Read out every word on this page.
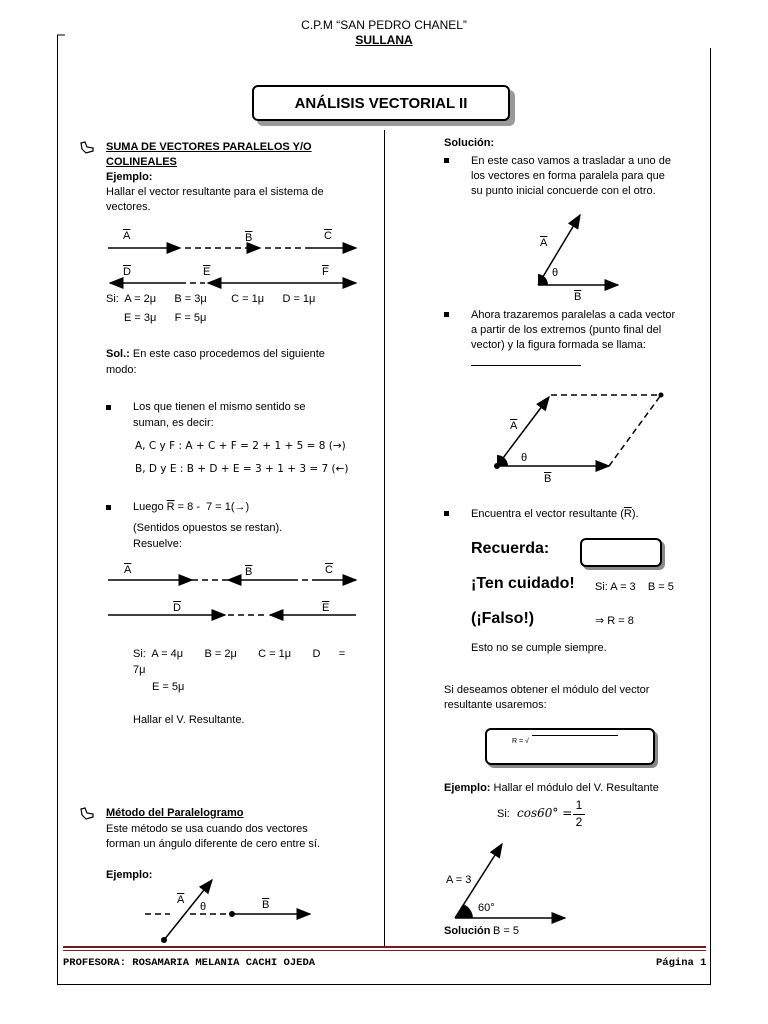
C.P.M “SAN PEDRO CHANEL”
SULLANA
ANÁLISIS VECTORIAL II
SUMA DE VECTORES PARALELOS Y/O
COLINEALES
Ejemplo:
Hallar el vector resultante para el sistema de
vectores.
$\overline{A}$	$\overline{B}$	$\overline{C}$
$\overline{D}$	$\overline{E}$	$\overline{F}$
Si:  A = 2μ      B = 3μ        C = 1μ      D = 1μ
E = 3μ      F = 5μ
Sol.: En este caso procedemos del siguiente
modo:
Los que tienen el mismo sentido se
suman, es decir:
A, C y F : A + C + F = 2 + 1 + 5 = 8 (→)
B, D y E : B + D + E = 3 + 1 + 3 = 7 (←)
Luego $\overline{R} = 8 - 7 = 1(\to)$
(Sentidos opuestos se restan).
Resuelve:
$\overline{A}$	$\overline{B}$	$\overline{C}$
$\overline{D}$	$\overline{E}$
Si:  A = 4μ       B = 2μ       C = 1μ       D      =
7μ
E = 5μ
Hallar el V. Resultante.
Método del Paralelogramo
Este método se usa cuando dos vectores
forman un ángulo diferente de cero entre sí.
Ejemplo:
$\overline{A}$
θ	$\overline{B}$
Solución:
En este caso vamos a trasladar a uno de
los vectores en forma paralela para que
su punto inicial concuerde con el otro.
$\overline{A}$
θ
$\overline{B}$
Ahora trazaremos paralelas a cada vector
a partir de los extremos (punto final del
vector) y la figura formada se llama:
$\overline{A}$
θ
$\overline{B}$
Encuentra el vector resultante $(\overline{R})$.
Recuerda:
¡Ten cuidado! Si: A = 3    B = 5
(¡Falso!)	⇒ R = 8
Esto no se cumple siempre.
Si deseamos obtener el módulo del vector
resultante usaremos:
R = √
Ejemplo: Hallar el módulo del V. Resultante
Si: cos60° =
1
2
A = 3
60°
Solución B = 5
PROFESORA: ROSAMARIA MELANIA CACHI OJEDA	Página 1
